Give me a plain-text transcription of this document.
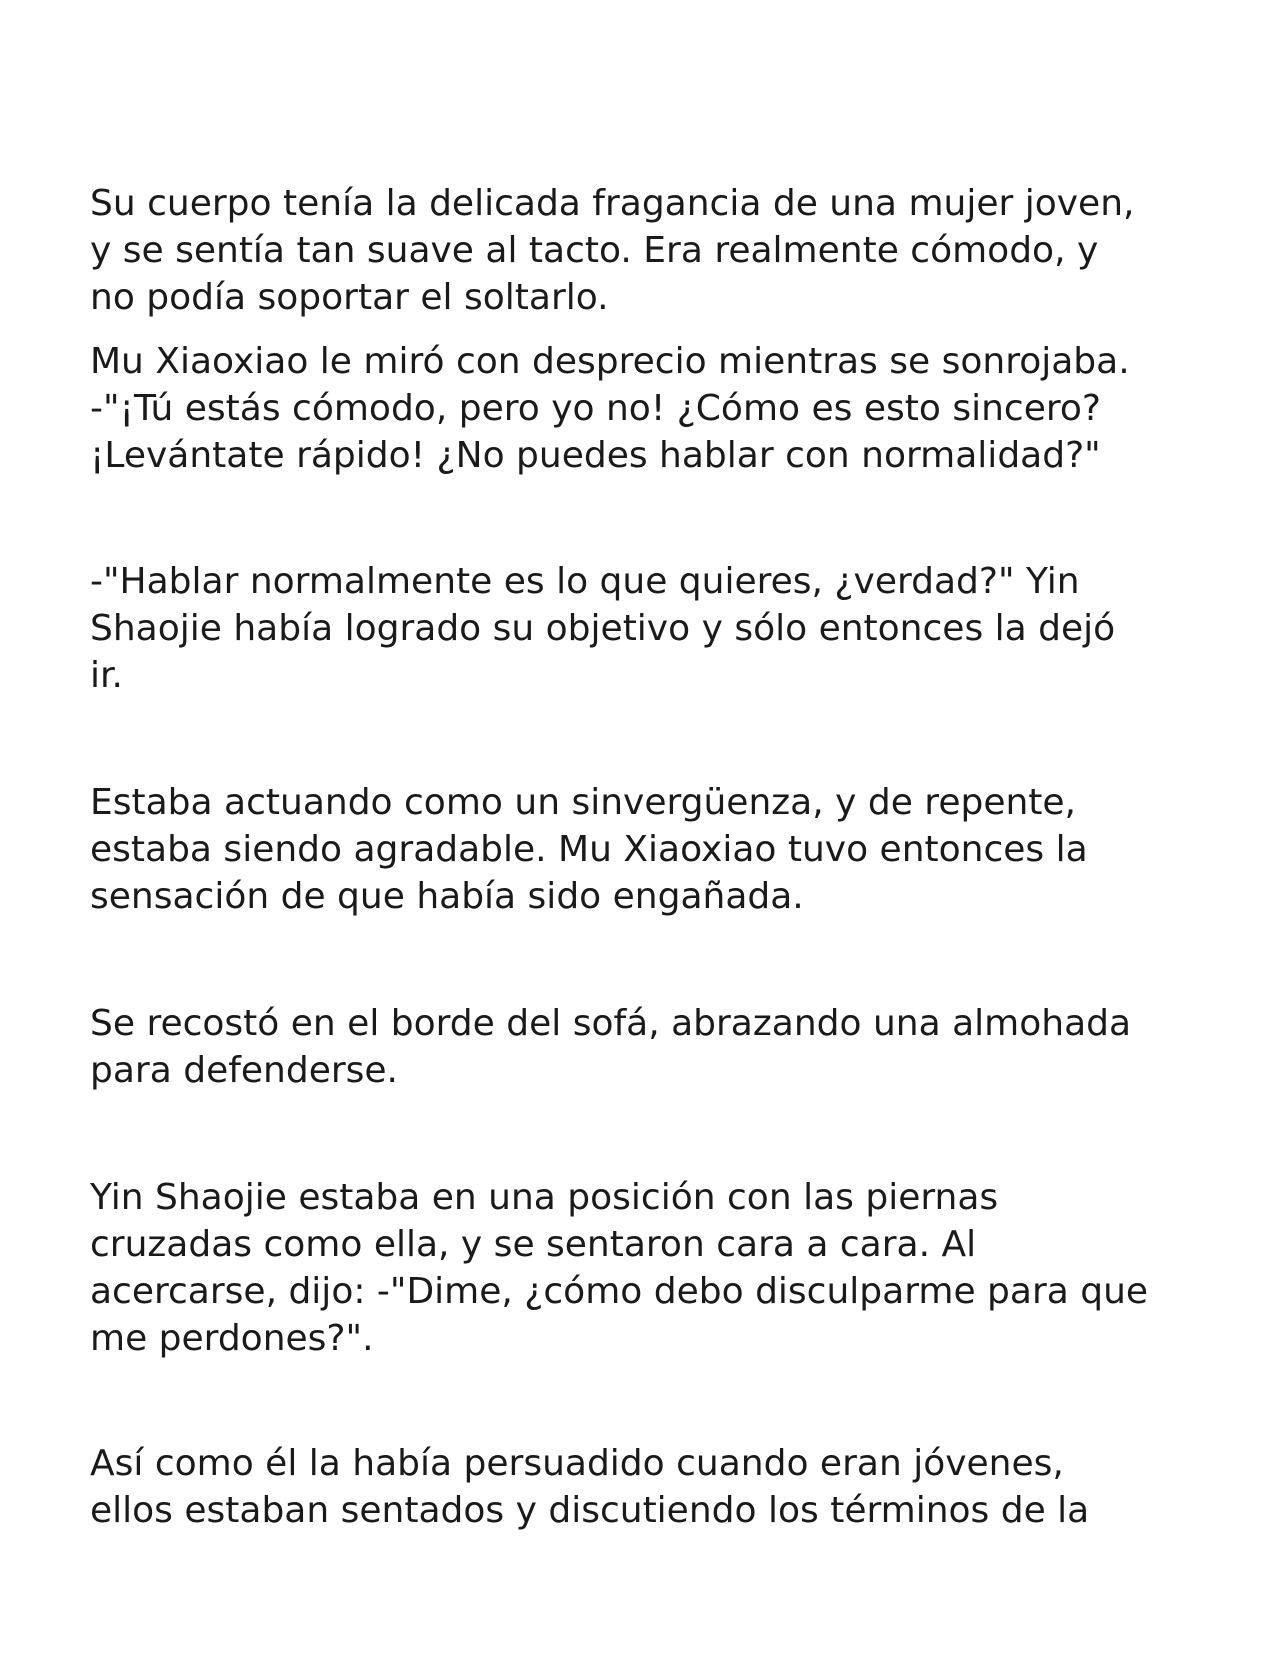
Su cuerpo tenía la delicada fragancia de una mujer joven,
y se sentía tan suave al tacto. Era realmente cómodo, y
no podía soportar el soltarlo.

Mu Xiaoxiao le miró con desprecio mientras se sonrojaba.
-"¡Tú estás cómodo, pero yo no! ¿Cómo es esto sincero?
¡Levántate rápido! ¿No puedes hablar con normalidad?"

-"Hablar normalmente es lo que quieres, ¿verdad?" Yin
Shaojie había logrado su objetivo y sólo entonces la dejó
ir.

Estaba actuando como un sinvergüenza, y de repente,
estaba siendo agradable. Mu Xiaoxiao tuvo entonces la
sensación de que había sido engañada.

Se recostó en el borde del sofá, abrazando una almohada
para defenderse.

Yin Shaojie estaba en una posición con las piernas
cruzadas como ella, y se sentaron cara a cara. Al
acercarse, dijo: -"Dime, ¿cómo debo disculparme para que
me perdones?".

Así como él la había persuadido cuando eran jóvenes,
ellos estaban sentados y discutiendo los términos de la
